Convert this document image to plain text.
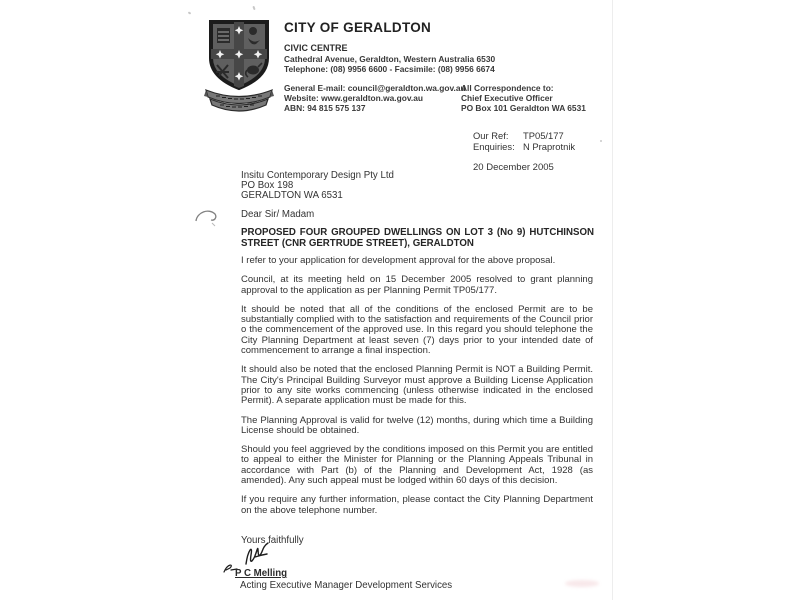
CITY OF GERALDTON
CIVIC CENTRE
Cathedral Avenue, Geraldton, Western Australia 6530
Telephone: (08) 9956 6600 - Facsimile: (08) 9956 6674
General E-mail: council@geraldton.wa.gov.au
Website: www.geraldton.wa.gov.au
ABN: 94 815 575 137
All Correspondence to:
Chief Executive Officer
PO Box 101 Geraldton WA 6531
Our Ref:	TP05/177
Enquiries: N Praprotnik
20 December 2005
Insitu Contemporary Design Pty Ltd
PO Box 198
GERALDTON WA 6531
Dear Sir/ Madam
PROPOSED FOUR GROUPED DWELLINGS ON LOT 3 (No 9) HUTCHINSON STREET (CNR GERTRUDE STREET), GERALDTON

I refer to your application for development approval for the above proposal.

Council, at its meeting held on 15 December 2005 resolved to grant planning approval to the application as per Planning Permit TP05/177.

It should be noted that all of the conditions of the enclosed Permit are to be substantially complied with to the satisfaction and requirements of the Council prior o the commencement of the approved use. In this regard you should telephone the City Planning Department at least seven (7) days prior to your intended date of commencement to arrange a final inspection.

It should also be noted that the enclosed Planning Permit is NOT a Building Permit. The City's Principal Building Surveyor must approve a Building License Application prior to any site works commencing (unless otherwise indicated in the enclosed Permit). A separate application must be made for this.

The Planning Approval is valid for twelve (12) months, during which time a Building License should be obtained.

Should you feel aggrieved by the conditions imposed on this Permit you are entitled to appeal to either the Minister for Planning or the Planning Appeals Tribunal in accordance with Part (b) of the Planning and Development Act, 1928 (as amended). Any such appeal must be lodged within 60 days of this decision.

If you require any further information, please contact the City Planning Department on the above telephone number.

Yours faithfully
P C Melling
Acting Executive Manager Development Services
